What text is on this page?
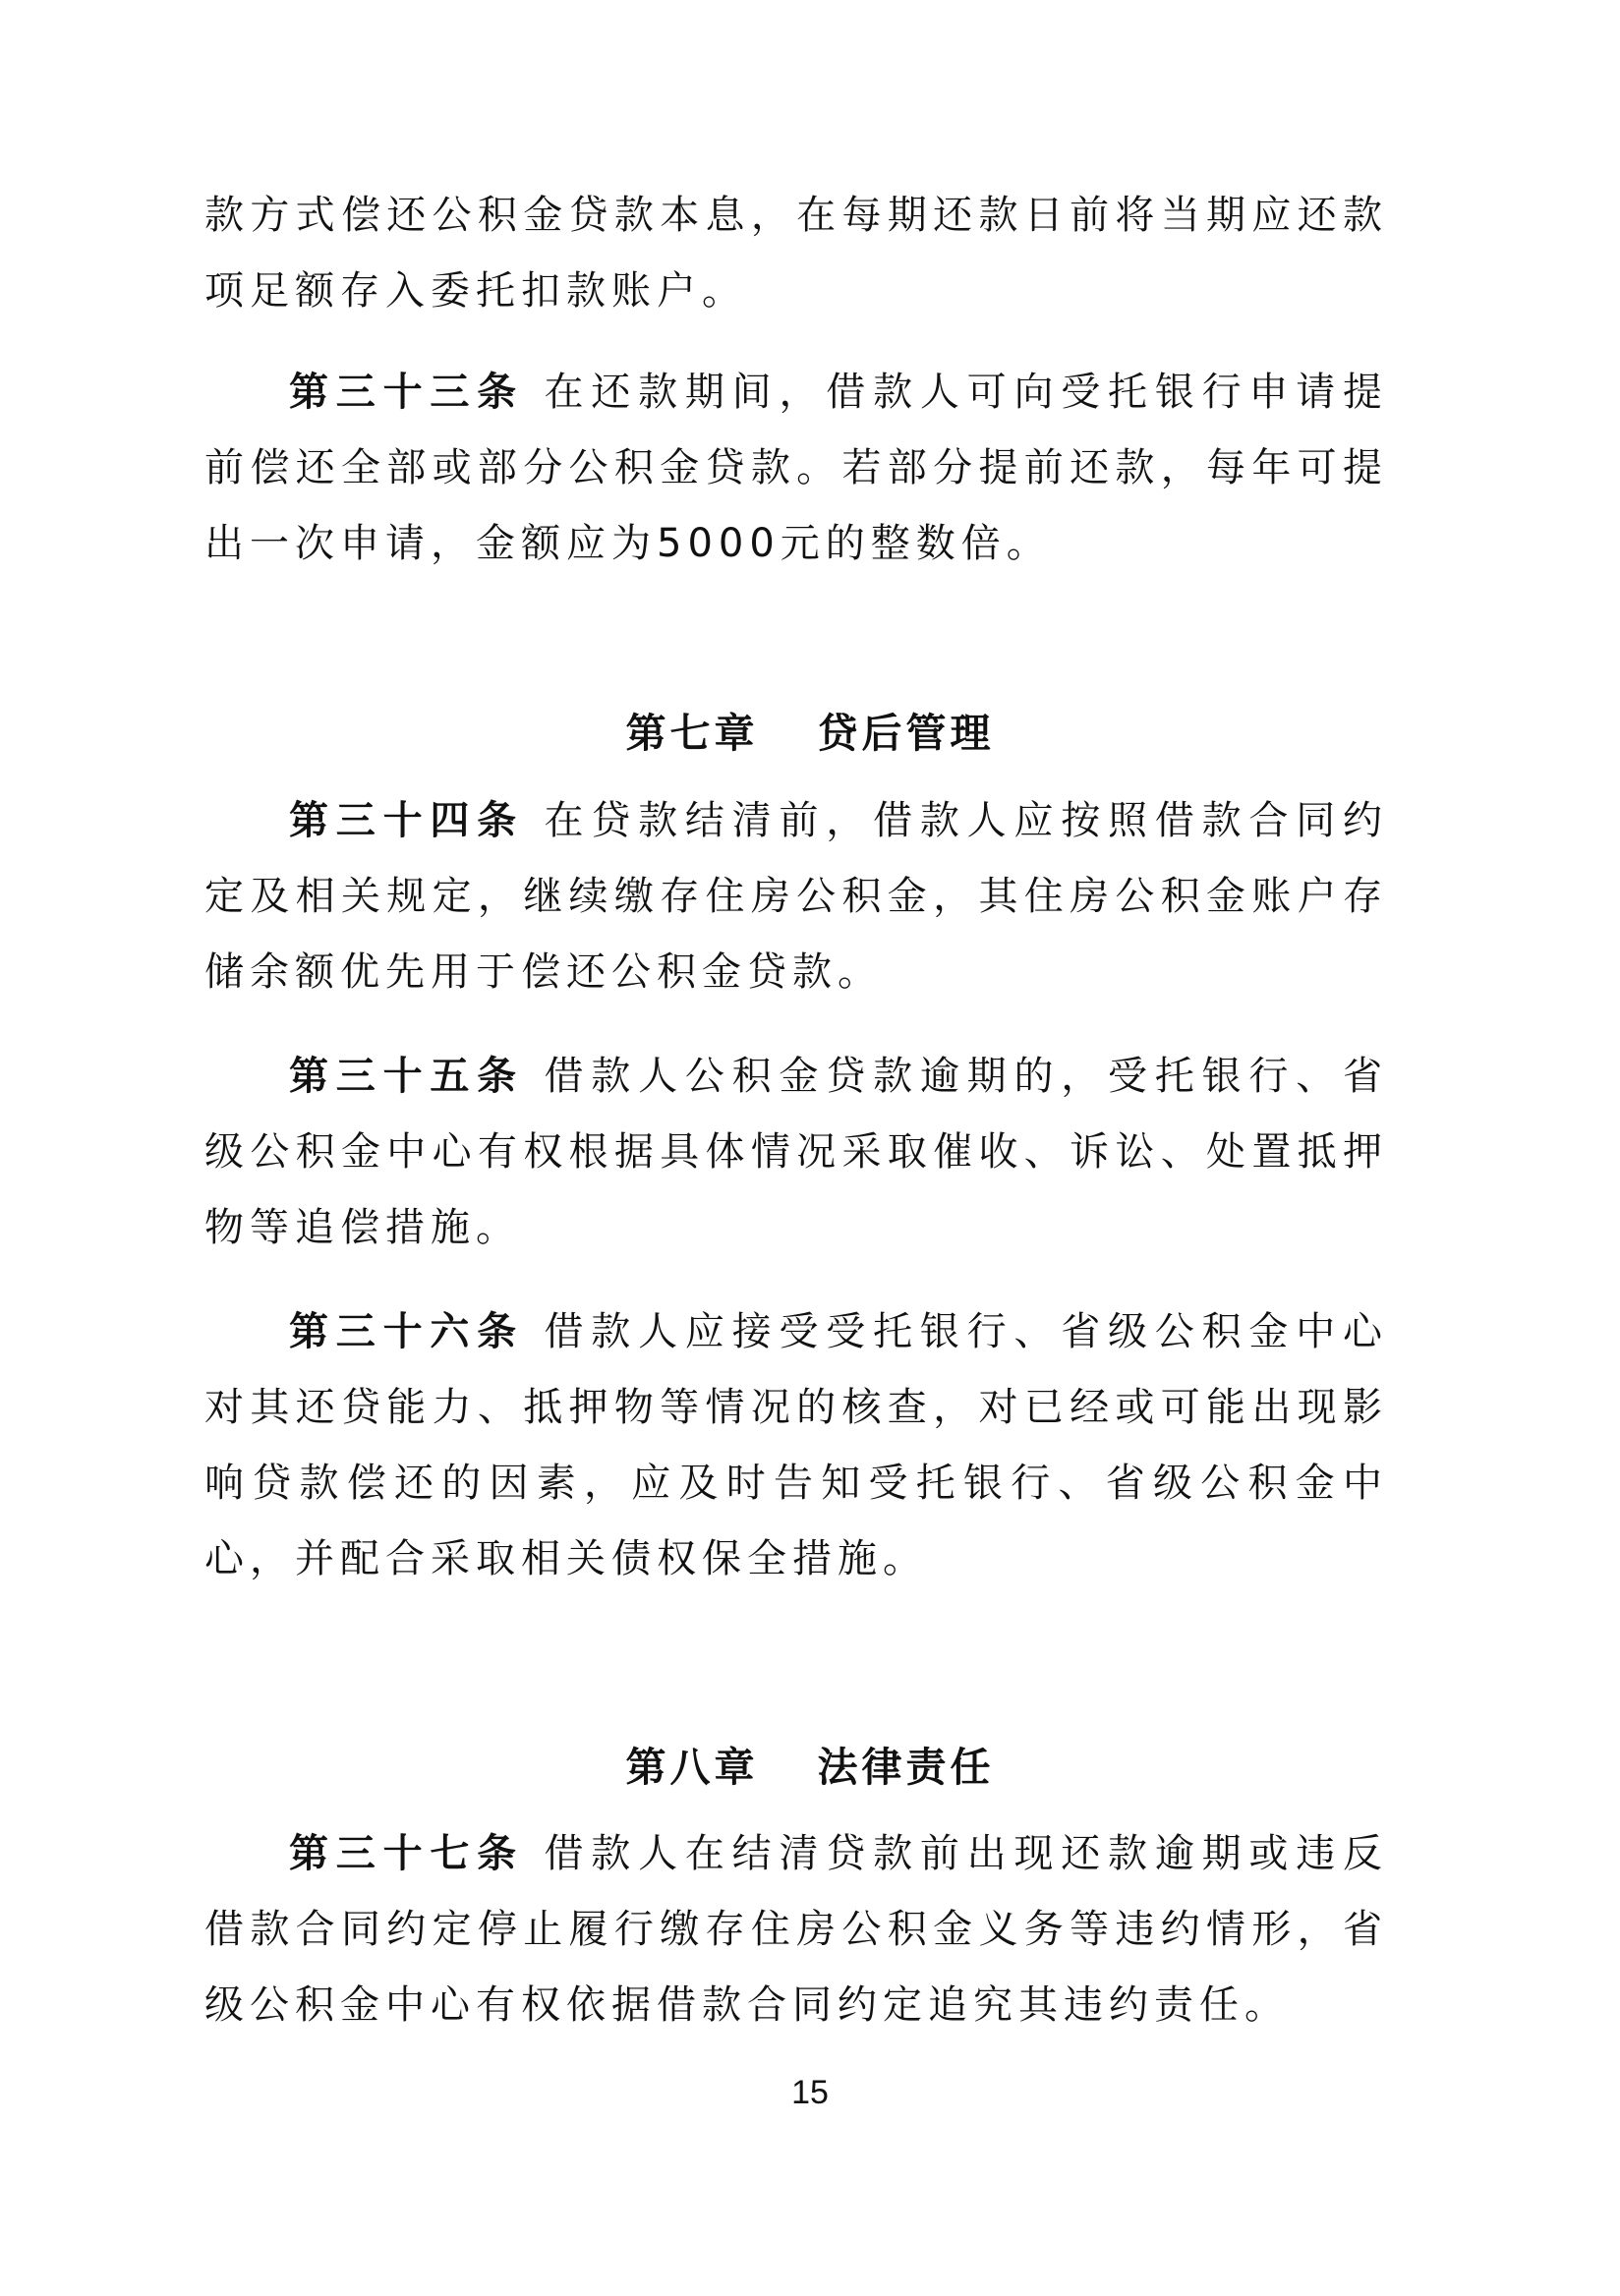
款方式偿还公积金贷款本息，在每期还款日前将当期应还款项足额存入委托扣款账户。

第三十三条 在还款期间，借款人可向受托银行申请提前偿还全部或部分公积金贷款。若部分提前还款，每年可提出一次申请，金额应为5000元的整数倍。

第七章 贷后管理

第三十四条 在贷款结清前，借款人应按照借款合同约定及相关规定，继续缴存住房公积金，其住房公积金账户存储余额优先用于偿还公积金贷款。

第三十五条 借款人公积金贷款逾期的，受托银行、省级公积金中心有权根据具体情况采取催收、诉讼、处置抵押物等追偿措施。

第三十六条 借款人应接受受托银行、省级公积金中心对其还贷能力、抵押物等情况的核查，对已经或可能出现影响贷款偿还的因素，应及时告知受托银行、省级公积金中心，并配合采取相关债权保全措施。

第八章 法律责任

第三十七条 借款人在结清贷款前出现还款逾期或违反借款合同约定停止履行缴存住房公积金义务等违约情形，省级公积金中心有权依据借款合同约定追究其违约责任。

15
